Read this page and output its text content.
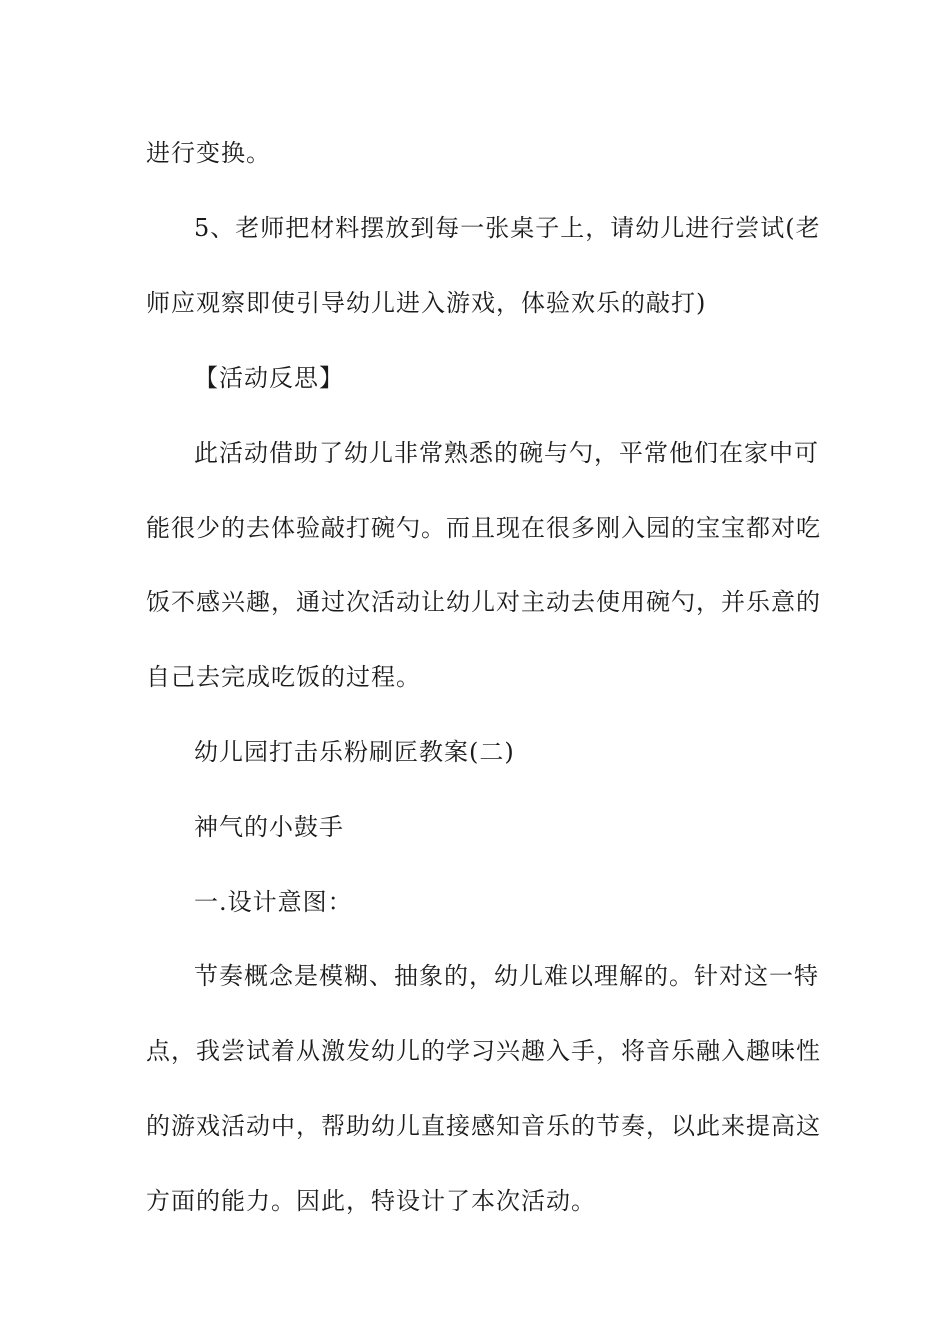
进行变换。
5、老师把材料摆放到每一张桌子上，请幼儿进行尝试(老
师应观察即使引导幼儿进入游戏，体验欢乐的敲打)
【活动反思】
此活动借助了幼儿非常熟悉的碗与勺，平常他们在家中可
能很少的去体验敲打碗勺。而且现在很多刚入园的宝宝都对吃
饭不感兴趣，通过次活动让幼儿对主动去使用碗勺，并乐意的
自己去完成吃饭的过程。
幼儿园打击乐粉刷匠教案(二)
神气的小鼓手
一.设计意图：
节奏概念是模糊、抽象的，幼儿难以理解的。针对这一特
点，我尝试着从激发幼儿的学习兴趣入手，将音乐融入趣味性
的游戏活动中，帮助幼儿直接感知音乐的节奏，以此来提高这
方面的能力。因此，特设计了本次活动。
